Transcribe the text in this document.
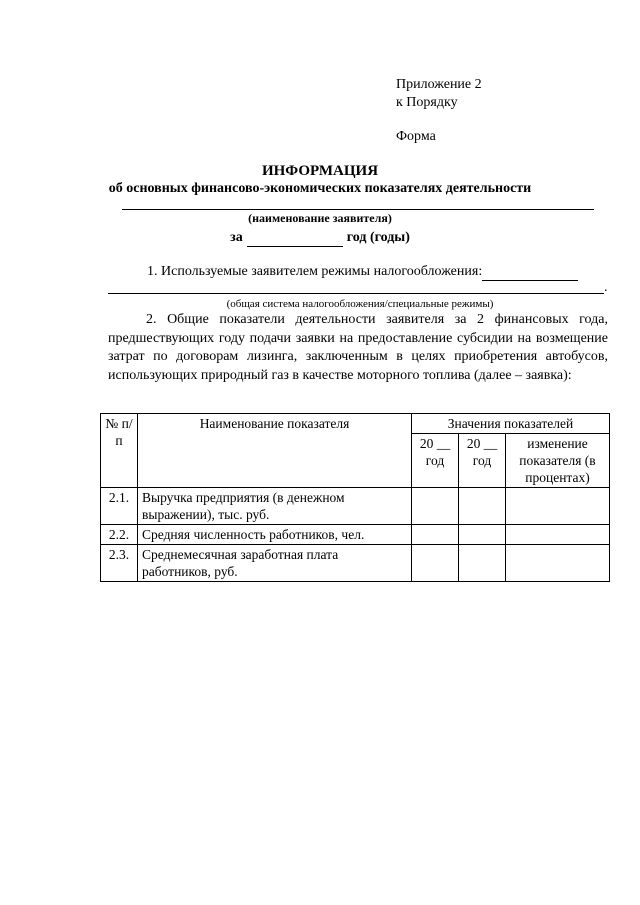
Приложение 2
к Порядку
Форма
ИНФОРМАЦИЯ
об основных финансово-экономических показателях деятельности
(наименование заявителя)
за	год (годы)
1. Используемые заявителем режимы налогообложения:
.
(общая система налогообложения/специальные режимы)
2. Общие показатели деятельности заявителя за 2 финансовых года, предшествующих году подачи заявки на предоставление субсидии на возмещение затрат по договорам лизинга, заключенным в целях приобретения автобусов, использующих природный газ в качестве моторного топлива (далее – заявка):
№ п/п	Наименование показателя	Значения показателей		
		20 __ год	20 __ год	изменение показателя (в процентах)
2.1.	Выручка предприятия (в денежном выражении), тыс. руб.			
2.2.	Средняя численность работников, чел.			
2.3.	Среднемесячная заработная плата работников, руб.			
